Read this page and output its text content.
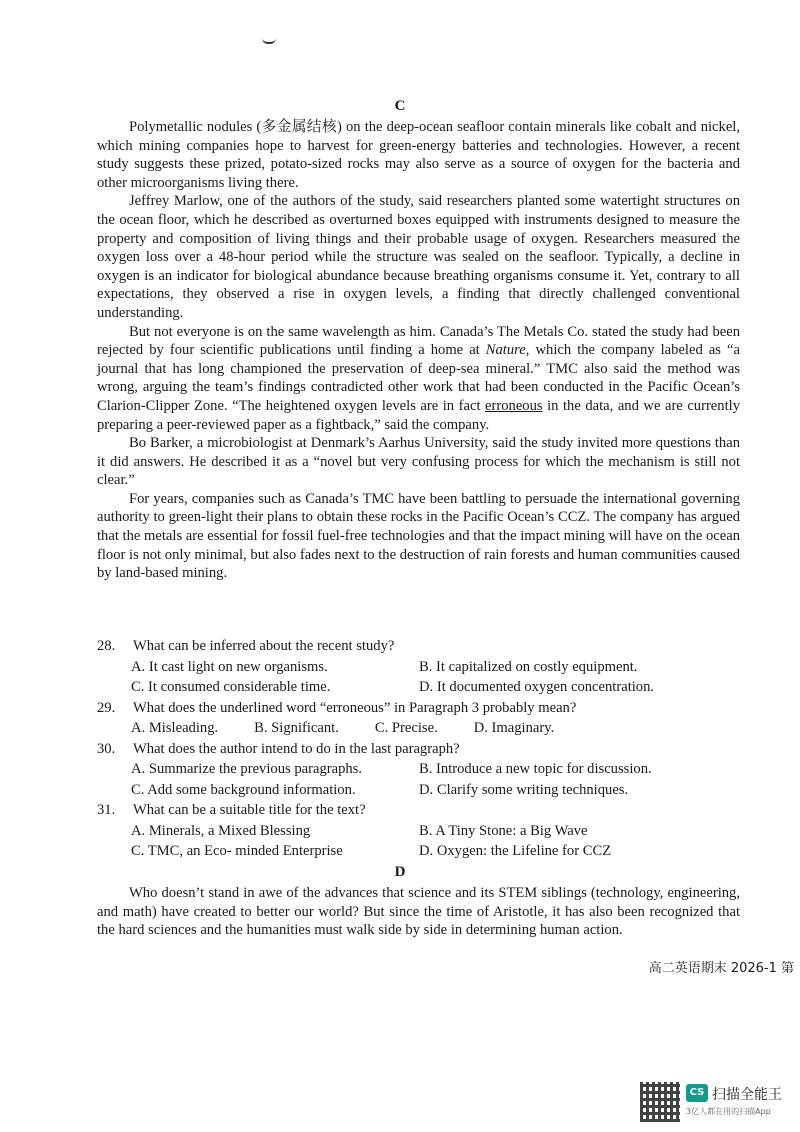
C

Polymetallic nodules (多金属结核) on the deep-ocean seafloor contain minerals like cobalt and nickel, which mining companies hope to harvest for green-energy batteries and technologies. However, a recent study suggests these prized, potato-sized rocks may also serve as a source of oxygen for the bacteria and other microorganisms living there.

Jeffrey Marlow, one of the authors of the study, said researchers planted some watertight structures on the ocean floor, which he described as overturned boxes equipped with instruments designed to measure the property and composition of living things and their probable usage of oxygen. Researchers measured the oxygen loss over a 48-hour period while the structure was sealed on the seafloor. Typically, a decline in oxygen is an indicator for biological abundance because breathing organisms consume it. Yet, contrary to all expectations, they observed a rise in oxygen levels, a finding that directly challenged conventional understanding.

But not everyone is on the same wavelength as him. Canada’s The Metals Co. stated the study had been rejected by four scientific publications until finding a home at Nature, which the company labeled as “a journal that has long championed the preservation of deep-sea mineral.” TMC also said the method was wrong, arguing the team’s findings contradicted other work that had been conducted in the Pacific Ocean’s Clarion-Clipper Zone. “The heightened oxygen levels are in fact erroneous in the data, and we are currently preparing a peer-reviewed paper as a fightback,” said the company.

Bo Barker, a microbiologist at Denmark’s Aarhus University, said the study invited more questions than it did answers. He described it as a “novel but very confusing process for which the mechanism is still not clear.”

For years, companies such as Canada’s TMC have been battling to persuade the international governing authority to green-light their plans to obtain these rocks in the Pacific Ocean’s CCZ. The company has argued that the metals are essential for fossil fuel-free technologies and that the impact mining will have on the ocean floor is not only minimal, but also fades next to the destruction of rain forests and human communities caused by land-based mining.

28. What can be inferred about the recent study?
A. It cast light on new organisms.	B. It capitalized on costly equipment.
C. It consumed considerable time.	D. It documented oxygen concentration.
29. What does the underlined word “erroneous” in Paragraph 3 probably mean?
A. Misleading. B. Significant. C. Precise. D. Imaginary.
30. What does the author intend to do in the last paragraph?
A. Summarize the previous paragraphs.	B. Introduce a new topic for discussion.
C. Add some background information.	D. Clarify some writing techniques.
31. What can be a suitable title for the text?
A. Minerals, a Mixed Blessing	B. A Tiny Stone: a Big Wave
C. TMC, an Eco- minded Enterprise	D. Oxygen: the Lifeline for CCZ
D

Who doesn’t stand in awe of the advances that science and its STEM siblings (technology, engineering, and math) have created to better our world? But since the time of Aristotle, it has also been recognized that the hard sciences and the humanities must walk side by side in determining human action.

高二英语期末 2026-1 第
CS 扫描全能王
3亿人都在用的扫描App
